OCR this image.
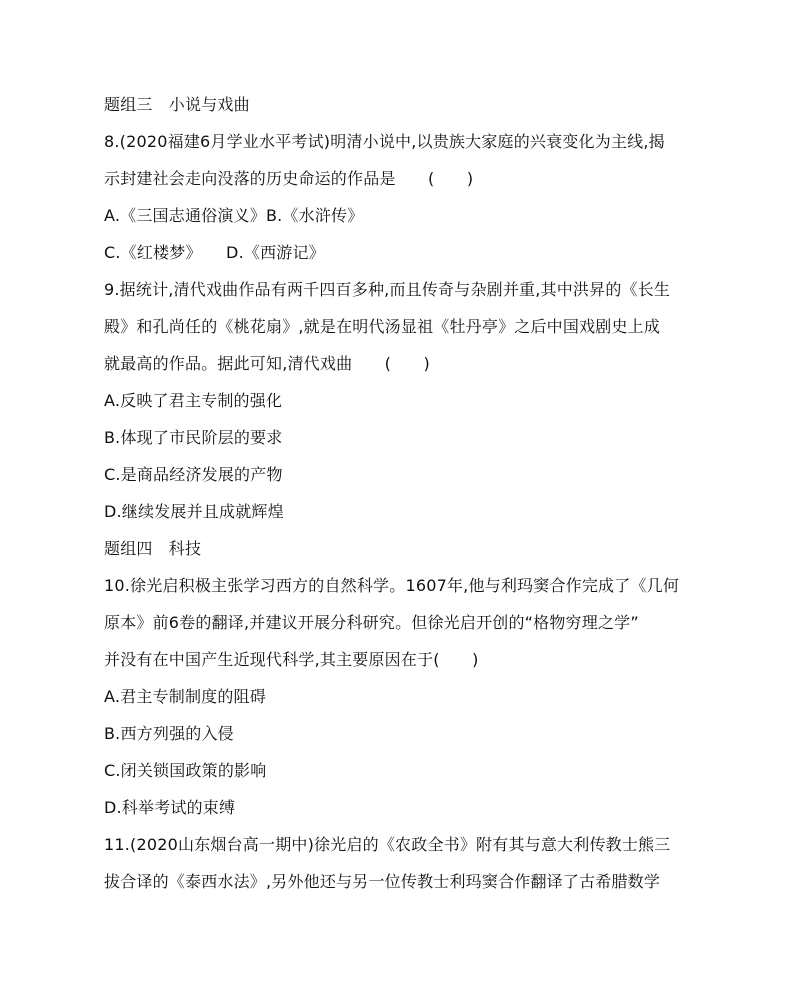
题组三　小说与戏曲
8.(2020福建6月学业水平考试)明清小说中,以贵族大家庭的兴衰变化为主线,揭
示封建社会走向没落的历史命运的作品是　　(　　)
A.《三国志通俗演义》B.《水浒传》
C.《红楼梦》　　D.《西游记》
9.据统计,清代戏曲作品有两千四百多种,而且传奇与杂剧并重,其中洪昇的《长生
殿》和孔尚任的《桃花扇》,就是在明代汤显祖《牡丹亭》之后中国戏剧史上成
就最高的作品。据此可知,清代戏曲　　(　　)
A.反映了君主专制的强化
B.体现了市民阶层的要求
C.是商品经济发展的产物
D.继续发展并且成就辉煌
题组四　科技
10.徐光启积极主张学习西方的自然科学。1607年,他与利玛窦合作完成了《几何
原本》前6卷的翻译,并建议开展分科研究。但徐光启开创的“格物穷理之学”
并没有在中国产生近现代科学,其主要原因在于(　　)
A.君主专制制度的阻碍
B.西方列强的入侵
C.闭关锁国政策的影响
D.科举考试的束缚
11.(2020山东烟台高一期中)徐光启的《农政全书》附有其与意大利传教士熊三
拔合译的《泰西水法》,另外他还与另一位传教士利玛窦合作翻译了古希腊数学
